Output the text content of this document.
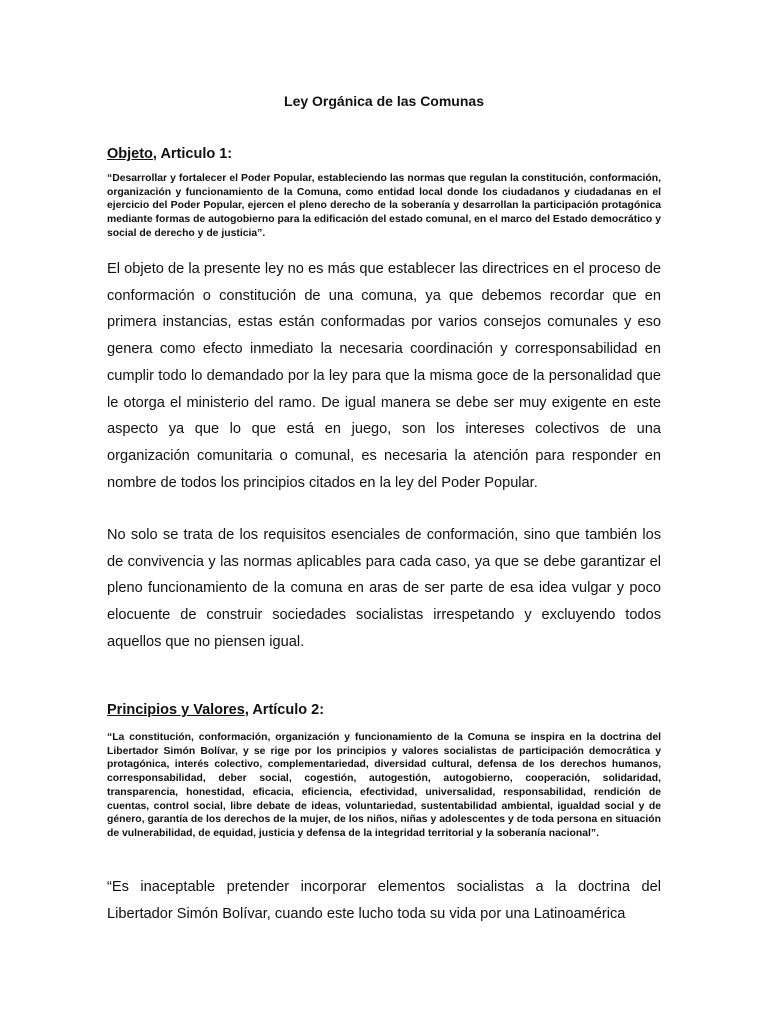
Ley Orgánica de las Comunas
Objeto, Articulo 1:
“Desarrollar y fortalecer el Poder Popular, estableciendo las normas que regulan la constitución, conformación, organización y funcionamiento de la Comuna, como entidad local donde los ciudadanos y ciudadanas en el ejercicio del Poder Popular, ejercen el pleno derecho de la soberanía y desarrollan la participación protagónica mediante formas de autogobierno para la edificación del estado comunal, en el marco del Estado democrático y social de derecho y de justicia”.
El objeto de la presente ley no es más que establecer las directrices en el proceso de conformación o constitución de una comuna, ya que debemos recordar que en primera instancias, estas están conformadas por varios consejos comunales y eso genera como efecto inmediato la necesaria coordinación y corresponsabilidad en cumplir todo lo demandado por la ley para que la misma goce de la personalidad que le otorga el ministerio del ramo. De igual manera se debe ser muy exigente en este aspecto ya que lo que está en juego, son los intereses colectivos de una organización comunitaria o comunal, es necesaria la atención para responder en nombre de todos los principios citados en la ley del Poder Popular.
No solo se trata de los requisitos esenciales de conformación, sino que también los de convivencia y las normas aplicables para cada caso, ya que se debe garantizar el pleno funcionamiento de la comuna en aras de ser parte de esa idea vulgar y poco elocuente de construir sociedades socialistas irrespetando y excluyendo todos aquellos que no piensen igual.
Principios y Valores, Artículo 2:
“La constitución, conformación, organización y funcionamiento de la Comuna se inspira en la doctrina del Libertador Simón Bolívar, y se rige por los principios y valores socialistas de participación democrática y protagónica, interés colectivo, complementariedad, diversidad cultural, defensa de los derechos humanos, corresponsabilidad, deber social, cogestión, autogestión, autogobierno, cooperación, solidaridad, transparencia, honestidad, eficacia, eficiencia, efectividad, universalidad, responsabilidad, rendición de cuentas, control social, libre debate de ideas, voluntariedad, sustentabilidad ambiental, igualdad social y de género, garantía de los derechos de la mujer, de los niños, niñas y adolescentes y de toda persona en situación de vulnerabilidad, de equidad, justicia y defensa de la integridad territorial y la soberanía nacional”.
“Es inaceptable pretender incorporar elementos socialistas a la doctrina del Libertador Simón Bolívar, cuando este lucho toda su vida por una Latinoamérica
